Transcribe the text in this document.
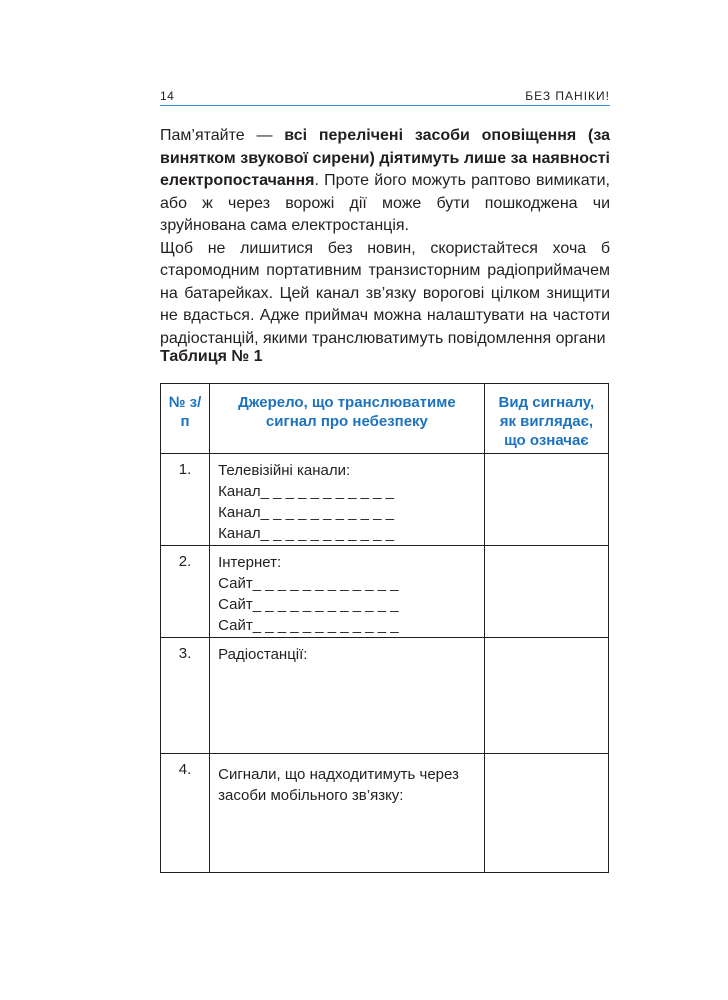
14	БЕЗ ПАНІКИ!

Пам’ятайте — всі перелічені засоби оповіщення (за винятком звукової сирени) діятимуть лише за наявності електропостачання. Проте його можуть раптово вимикати, або ж через ворожі дії може бути пошкоджена чи зруйнована сама електростанція.

Щоб не лишитися без новин, скористайтеся хоча б старомодним портативним транзисторним радіоприймачем на батарейках. Цей канал зв’язку ворогові цілком знищити не вдасться. Адже приймач можна налаштувати на частоти радіостанцій, якими транслюватимуть повідомлення органи

Таблиця № 1
№ з/п	Джерело, що транслюватиме сигнал про небезпеку	Вид сигналу, як виглядає, що означає
1.	Телевізійні канали:
Канал_ _ _ _ _ _ _ _ _ _ _
Канал_ _ _ _ _ _ _ _ _ _ _
Канал_ _ _ _ _ _ _ _ _ _ _	

2.	Інтернет:
Сайт_ _ _ _ _ _ _ _ _ _ _ _
Сайт_ _ _ _ _ _ _ _ _ _ _ _
Сайт_ _ _ _ _ _ _ _ _ _ _ _	

3.	Радіостанції:	

4.	Сигнали, що надходитимуть через
засоби мобільного зв’язку:	
